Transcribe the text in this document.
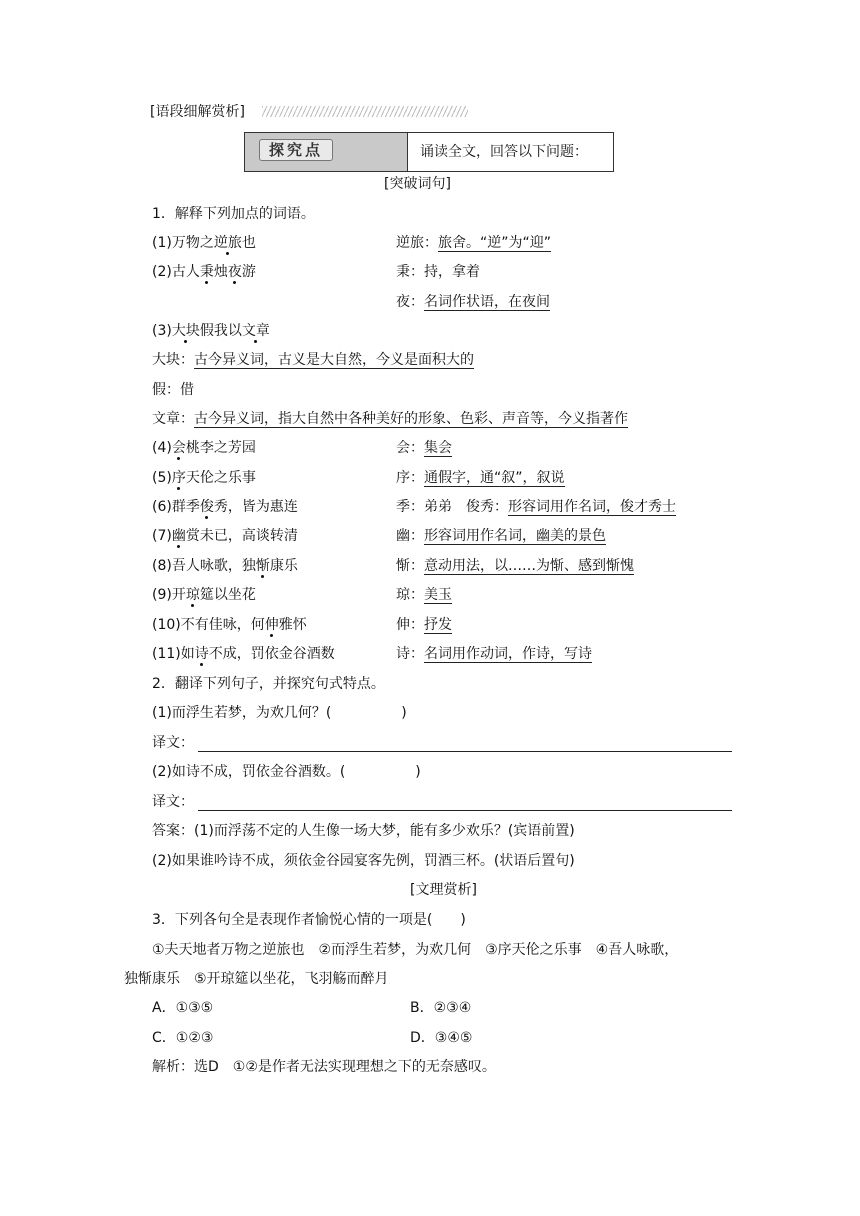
[语段细解赏析]
探究点	诵读全文，回答以下问题：
[突破词句]
1．解释下列加点的词语。
(1)万物之逆旅也	逆旅：旅舍。“逆”为“迎”
(2)古人秉烛夜游	秉：持，拿着
夜：名词作状语，在夜间
(3)大块假我以文章
大块：古今异义词，古义是大自然，今义是面积大的
假：借
文章：古今异义词，指大自然中各种美好的形象、色彩、声音等，今义指著作
(4)会桃李之芳园	会：集会
(5)序天伦之乐事	序：通假字，通“叙”，叙说
(6)群季俊秀，皆为惠连	季：弟弟　俊秀：形容词用作名词，俊才秀士
(7)幽赏未已，高谈转清	幽：形容词用作名词，幽美的景色
(8)吾人咏歌，独惭康乐	惭：意动用法，以……为惭、感到惭愧
(9)开琼筵以坐花	琼：美玉
(10)不有佳咏，何伸雅怀	伸：抒发
(11)如诗不成，罚依金谷酒数	诗：名词用作动词，作诗，写诗
2．翻译下列句子，并探究句式特点。
(1)而浮生若梦，为欢几何？(　　　　　)
译文：
(2)如诗不成，罚依金谷酒数。(　　　　　)
译文：
答案：(1)而浮荡不定的人生像一场大梦，能有多少欢乐？(宾语前置)
(2)如果谁吟诗不成，须依金谷园宴客先例，罚酒三杯。(状语后置句)
[文理赏析]
3．下列各句全是表现作者愉悦心情的一项是(　　)
①夫天地者万物之逆旅也　②而浮生若梦，为欢几何　③序天伦之乐事　④吾人咏歌，
独惭康乐　⑤开琼筵以坐花，飞羽觞而醉月
A．①③⑤	B．②③④
C．①②③	D．③④⑤
解析：选D　①②是作者无法实现理想之下的无奈感叹。
